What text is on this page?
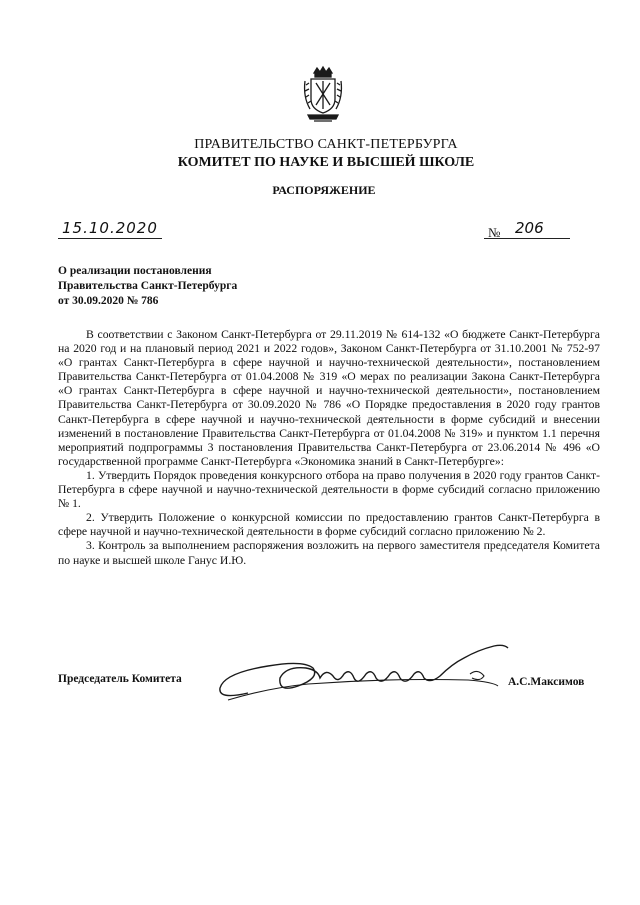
ПРАВИТЕЛЬСТВО САНКТ-ПЕТЕРБУРГА
КОМИТЕТ ПО НАУКЕ И ВЫСШЕЙ ШКОЛЕ
РАСПОРЯЖЕНИЕ
15.10.2020	№ 206
О реализации постановления
Правительства Санкт-Петербурга
от 30.09.2020 № 786

В соответствии с Законом Санкт-Петербурга от 29.11.2019 № 614-132 «О бюджете Санкт-Петербурга на 2020 год и на плановый период 2021 и 2022 годов», Законом Санкт-Петербурга от 31.10.2001 № 752-97 «О грантах Санкт-Петербурга в сфере научной и научно-технической деятельности», постановлением Правительства Санкт-Петербурга от 01.04.2008 № 319 «О мерах по реализации Закона Санкт-Петербурга «О грантах Санкт-Петербурга в сфере научной и научно-технической деятельности», постановлением Правительства Санкт-Петербурга от 30.09.2020 № 786 «О Порядке предоставления в 2020 году грантов Санкт-Петербурга в сфере научной и научно-технической деятельности в форме субсидий и внесении изменений в постановление Правительства Санкт-Петербурга от 01.04.2008 № 319» и пунктом 1.1 перечня мероприятий подпрограммы 3 постановления Правительства Санкт-Петербурга от 23.06.2014 № 496 «О государственной программе Санкт-Петербурга «Экономика знаний в Санкт-Петербурге»:

1. Утвердить Порядок проведения конкурсного отбора на право получения в 2020 году грантов Санкт-Петербурга в сфере научной и научно-технической деятельности в форме субсидий согласно приложению № 1.

2. Утвердить Положение о конкурсной комиссии по предоставлению грантов Санкт-Петербурга в сфере научной и научно-технической деятельности в форме субсидий согласно приложению № 2.

3. Контроль за выполнением распоряжения возложить на первого заместителя председателя Комитета по науке и высшей школе Ганус И.Ю.

Председатель Комитета	А.С.Максимов
